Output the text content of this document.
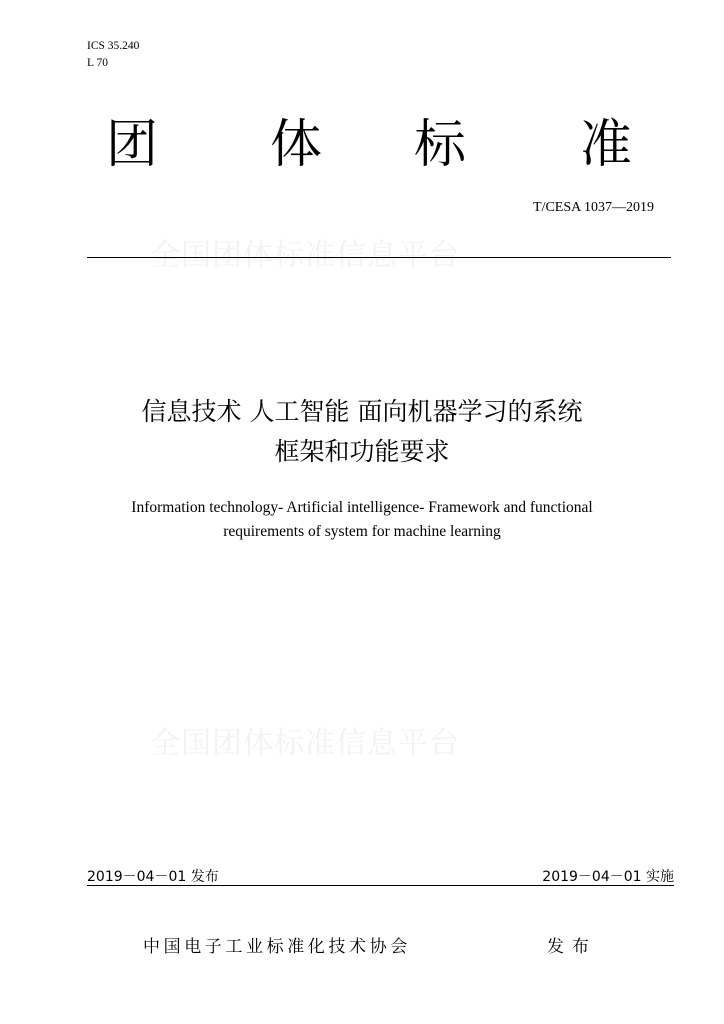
ICS 35.240
L 70
团 体 标 准
T/CESA 1037—2019
全国团体标准信息平台
信息技术 人工智能 面向机器学习的系统
框架和功能要求
Information technology- Artificial intelligence- Framework and functional
requirements of system for machine learning
全国团体标准信息平台
2019－04－01 发布	2019－04－01 实施
中国电子工业标准化技术协会	发布
